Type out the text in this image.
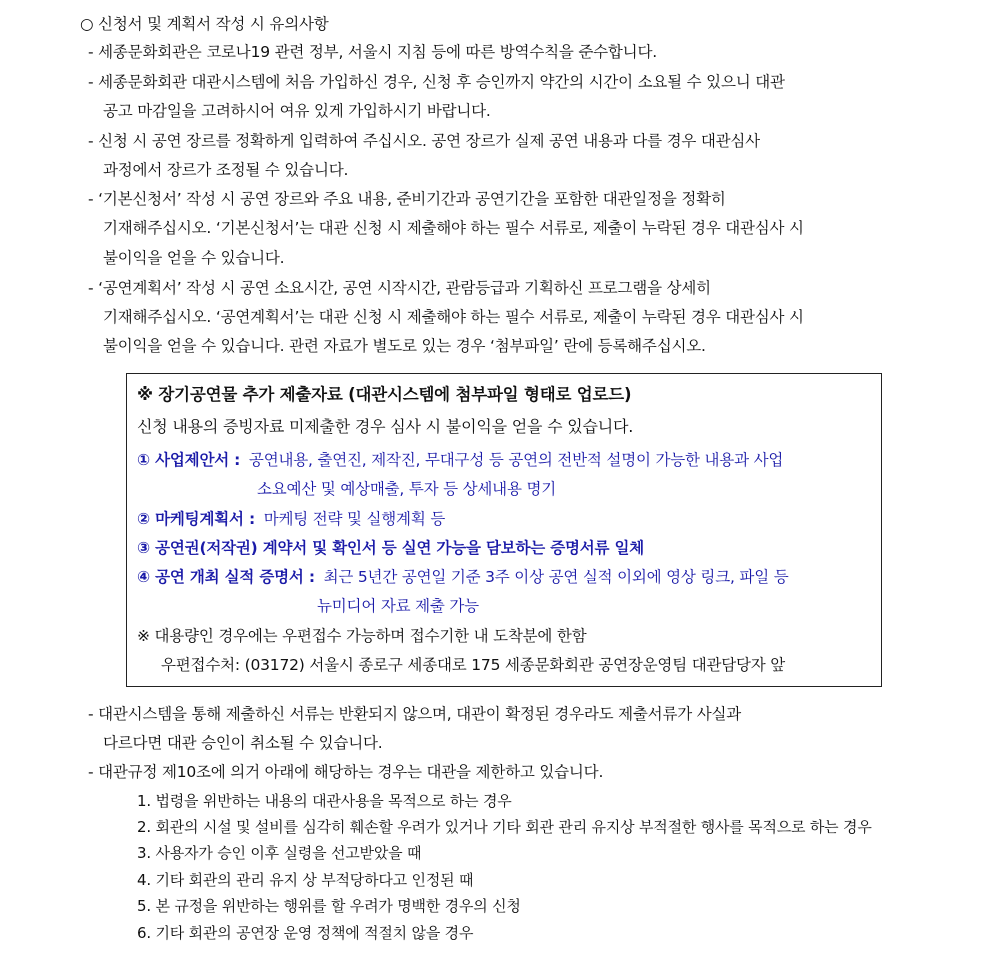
○ 신청서 및 계획서 작성 시 유의사항
- 세종문화회관은 코로나19 관련 정부, 서울시 지침 등에 따른 방역수칙을 준수합니다.
- 세종문화회관 대관시스템에 처음 가입하신 경우, 신청 후 승인까지 약간의 시간이 소요될 수 있으니 대관
공고 마감일을 고려하시어 여유 있게 가입하시기 바랍니다.
- 신청 시 공연 장르를 정확하게 입력하여 주십시오. 공연 장르가 실제 공연 내용과 다를 경우 대관심사
과정에서 장르가 조정될 수 있습니다.
- ‘기본신청서’ 작성 시 공연 장르와 주요 내용, 준비기간과 공연기간을 포함한 대관일정을 정확히
기재해주십시오. ‘기본신청서’는 대관 신청 시 제출해야 하는 필수 서류로, 제출이 누락된 경우 대관심사 시
불이익을 얻을 수 있습니다.
- ‘공연계획서’ 작성 시 공연 소요시간, 공연 시작시간, 관람등급과 기획하신 프로그램을 상세히
기재해주십시오. ‘공연계획서’는 대관 신청 시 제출해야 하는 필수 서류로, 제출이 누락된 경우 대관심사 시
불이익을 얻을 수 있습니다. 관련 자료가 별도로 있는 경우 ‘첨부파일’ 란에 등록해주십시오.
※ 장기공연물 추가 제출자료 (대관시스템에 첨부파일 형태로 업로드)
신청 내용의 증빙자료 미제출한 경우 심사 시 불이익을 얻을 수 있습니다.
① 사업제안서 : 공연내용, 출연진, 제작진, 무대구성 등 공연의 전반적 설명이 가능한 내용과 사업
소요예산 및 예상매출, 투자 등 상세내용 명기
② 마케팅계획서 : 마케팅 전략 및 실행계획 등
③ 공연권(저작권) 계약서 및 확인서 등 실연 가능을 담보하는 증명서류 일체
④ 공연 개최 실적 증명서 : 최근 5년간 공연일 기준 3주 이상 공연 실적 이외에 영상 링크, 파일 등
뉴미디어 자료 제출 가능
※ 대용량인 경우에는 우편접수 가능하며 접수기한 내 도착분에 한함
우편접수처: (03172) 서울시 종로구 세종대로 175 세종문화회관 공연장운영팀 대관담당자 앞
- 대관시스템을 통해 제출하신 서류는 반환되지 않으며, 대관이 확정된 경우라도 제출서류가 사실과
다르다면 대관 승인이 취소될 수 있습니다.
- 대관규정 제10조에 의거 아래에 해당하는 경우는 대관을 제한하고 있습니다.
1. 법령을 위반하는 내용의 대관사용을 목적으로 하는 경우
2. 회관의 시설 및 설비를 심각히 훼손할 우려가 있거나 기타 회관 관리 유지상 부적절한 행사를 목적으로 하는 경우
3. 사용자가 승인 이후 실령을 선고받았을 때
4. 기타 회관의 관리 유지 상 부적당하다고 인정된 때
5. 본 규정을 위반하는 행위를 할 우려가 명백한 경우의 신청
6. 기타 회관의 공연장 운영 정책에 적절치 않을 경우
